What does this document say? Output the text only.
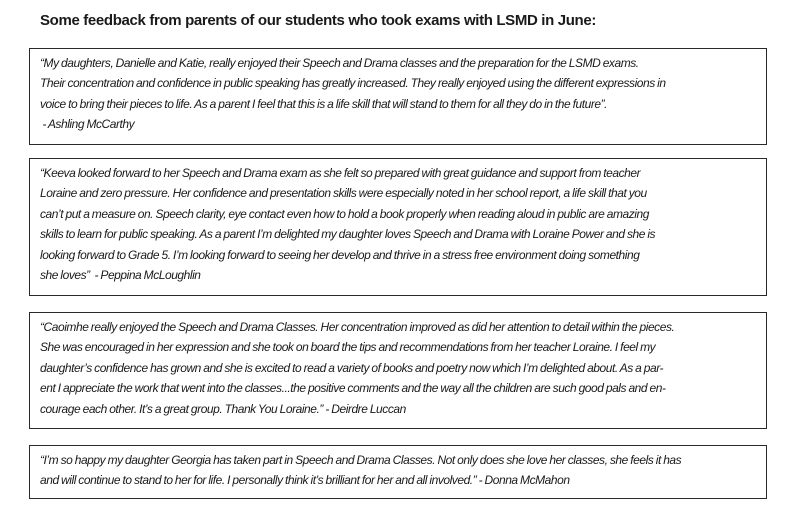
Some feedback from parents of our students who took exams with LSMD in June:

“My daughters, Danielle and Katie, really enjoyed their Speech and Drama classes and the preparation for the LSMD exams.

Their concentration and confidence in public speaking has greatly increased. They really enjoyed using the different expressions in

voice to bring their pieces to life. As a parent I feel that this is a life skill that will stand to them for all they do in the future”.

- Ashling McCarthy

“Keeva looked forward to her Speech and Drama exam as she felt so prepared with great guidance and support from teacher

Loraine and zero pressure. Her confidence and presentation skills were especially noted in her school report, a life skill that you

can’t put a measure on. Speech clarity, eye contact even how to hold a book properly when reading aloud in public are amazing

skills to learn for public speaking. As a parent I’m delighted my daughter loves Speech and Drama with Loraine Power and she is

looking forward to Grade 5. I’m looking forward to seeing her develop and thrive in a stress free environment doing something

she loves”  - Peppina McLoughlin

“Caoimhe really enjoyed the Speech and Drama Classes. Her concentration improved as did her attention to detail within the pieces.

She was encouraged in her expression and she took on board the tips and recommendations from her teacher Loraine. I feel my

daughter’s confidence has grown and she is excited to read a variety of books and poetry now which I’m delighted about. As a par-

ent I appreciate the work that went into the classes...the positive comments and the way all the children are such good pals and en-

courage each other. It’s a great group. Thank You Loraine.” - Deirdre Luccan

“I’m so happy my daughter Georgia has taken part in Speech and Drama Classes. Not only does she love her classes, she feels it has

and will continue to stand to her for life. I personally think it’s brilliant for her and all involved.” - Donna McMahon
